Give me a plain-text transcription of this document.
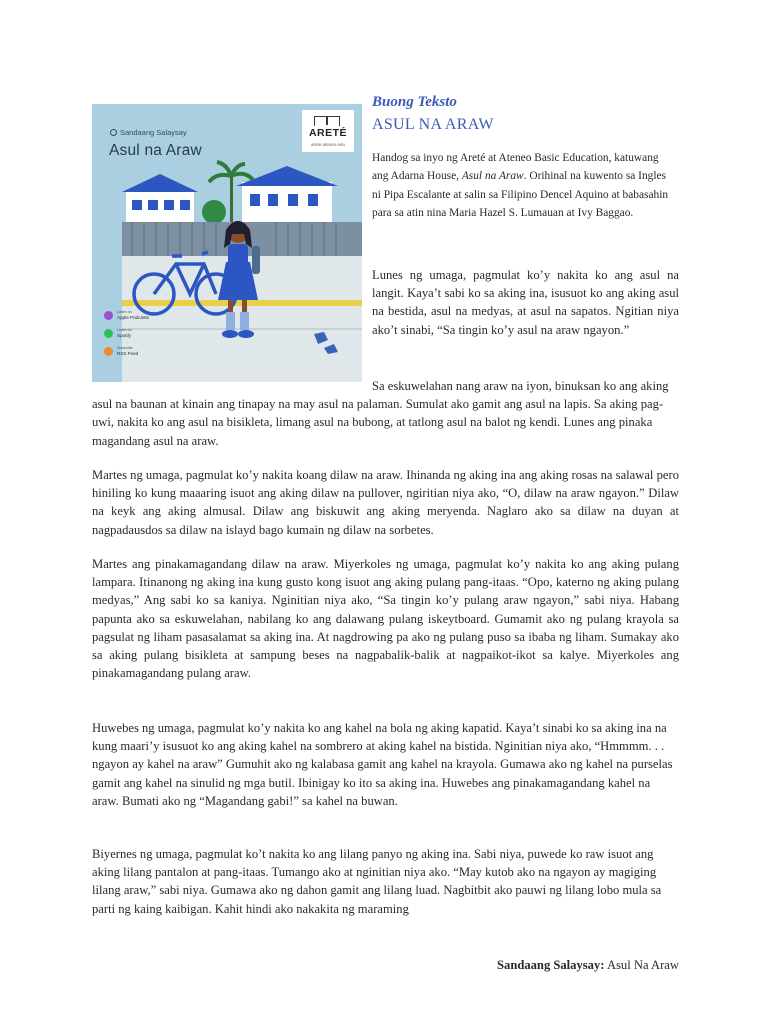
Sandaang Salaysay
Asul na Araw
ARETÉ
arete.ateneo.edu
Listen on
Apple Podcasts
Listen on
Spotify
Subscribe
RSS Feed
Buong Teksto
ASUL NA ARAW

Handog sa inyo ng Areté at Ateneo Basic Education, katuwang ang Adarna House, Asul na Araw. Orihinal na kuwento sa Ingles ni Pipa Escalante at salin sa Filipino Dencel Aquino at babasahin para sa atin nina Maria Hazel S. Lumauan at Ivy Baggao.

Lunes ng umaga, pagmulat ko’y nakita ko ang asul na langit. Kaya’t sabi ko sa aking ina, isusuot ko ang aking asul na bestida, asul na medyas, at asul na sapatos. Ngitian niya ako’t sinabi, “Sa tingin ko’y asul na araw ngayon.”

Sa eskuwelahan nang araw na iyon, binuksan ko ang aking asul na baunan at kinain ang tinapay na may asul na palaman. Sumulat ako gamit ang asul na lapis. Sa aking pag-uwi, nakita ko ang asul na bisikleta, limang asul na bubong, at tatlong asul na balot ng kendi. Lunes ang pinaka magandang asul na araw.

Martes ng umaga, pagmulat ko’y nakita koang dilaw na araw. Ihinanda ng aking ina ang aking rosas na salawal pero hiniling ko kung maaaring isuot ang aking dilaw na pullover, ngiritian niya ako, “O, dilaw na araw ngayon.” Dilaw na keyk ang aking almusal. Dilaw ang biskuwit ang aking meryenda. Naglaro ako sa dilaw na duyan at nagpadausdos sa dilaw na islayd bago kumain ng dilaw na sorbetes.

Martes ang pinakamagandang dilaw na araw. Miyerkoles ng umaga, pagmulat ko’y nakita ko ang aking pulang lampara. Itinanong ng aking ina kung gusto kong isuot ang aking pulang pang-itaas. “Opo, katerno ng aking pulang medyas,” Ang sabi ko sa kaniya. Nginitian niya ako, “Sa tingin ko’y pulang araw ngayon,” sabi niya. Habang papunta ako sa eskuwelahan, nabilang ko ang dalawang pulang iskeytboard. Gumamit ako ng pulang krayola sa pagsulat ng liham pasasalamat sa aking ina. At nagdrowing pa ako ng pulang puso sa ibaba ng liham. Sumakay ako sa aking pulang bisikleta at sampung beses na nagpabalik-balik at nagpaikot-ikot sa kalye. Miyerkoles ang pinakamagandang pulang araw.

Huwebes ng umaga, pagmulat ko’y nakita ko ang kahel na bola ng aking kapatid. Kaya’t sinabi ko sa aking ina na kung maari’y isusuot ko ang aking kahel na sombrero at aking kahel na bistida. Nginitian niya ako, “Hmmmm. . . ngayon ay kahel na araw” Gumuhit ako ng kalabasa gamit ang kahel na krayola. Gumawa ako ng kahel na purselas gamit ang kahel na sinulid ng mga butil. Ibinigay ko ito sa aking ina. Huwebes ang pinakamagandang kahel na araw. Bumati ako ng “Magandang gabi!” sa kahel na buwan.

Biyernes ng umaga, pagmulat ko’t nakita ko ang lilang panyo ng aking ina. Sabi niya, puwede ko raw isuot ang aking lilang pantalon at pang-itaas. Tumango ako at nginitian niya ako. “May kutob ako na ngayon ay magiging lilang araw,” sabi niya. Gumawa ako ng dahon gamit ang lilang luad. Nagbitbit ako pauwi ng lilang lobo mula sa parti ng kaing kaibigan. Kahit hindi ako nakakita ng maraming

Sandaang Salaysay: Asul Na Araw
